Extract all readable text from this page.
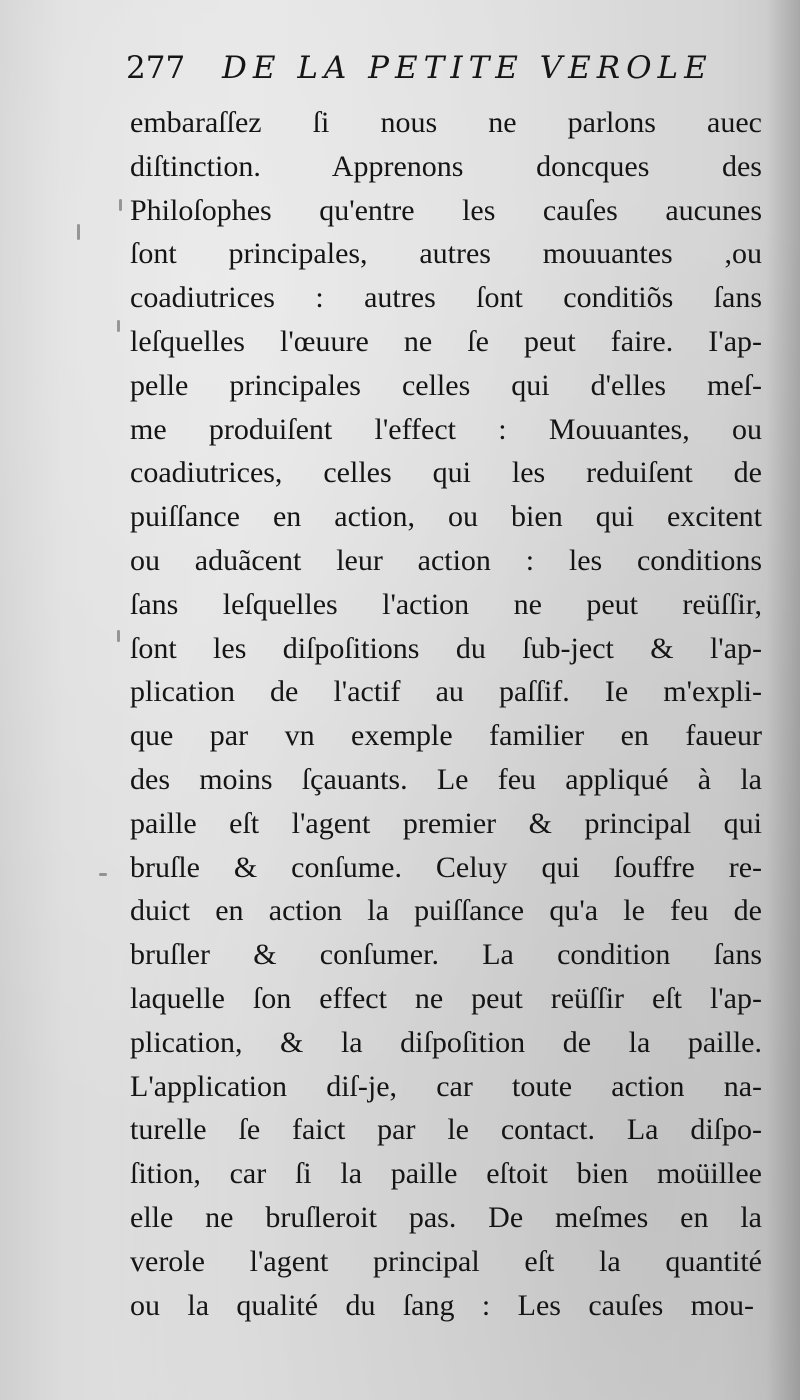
277 DE LA PETITE VEROLE
embaraſſez ſi nous ne parlons auec
diſtinction. Apprenons doncques des
Philoſophes qu'entre les cauſes aucunes
ſont principales, autres mouuantes ,ou
coadiutrices : autres ſont conditiõs ſans
leſquelles l'œuure ne ſe peut faire. I'ap-
pelle principales celles qui d'elles meſ-
me produiſent l'effect : Mouuantes, ou
coadiutrices, celles qui les reduiſent de
puiſſance en action, ou bien qui excitent
ou aduãcent leur action : les conditions
ſans leſquelles l'action ne peut reüſſir,
ſont les diſpoſitions du ſub-ject & l'ap-
plication de l'actif au paſſif. Ie m'expli-
que par vn exemple familier en faueur
des moins ſçauants. Le feu appliqué à la
paille eſt l'agent premier & principal qui
bruſle & conſume. Celuy qui ſouffre re-
duict en action la puiſſance qu'a le feu de
bruſler & conſumer. La condition ſans
laquelle ſon effect ne peut reüſſir eſt l'ap-
plication, & la diſpoſition de la paille.
L'application diſ-je, car toute action na-
turelle ſe faict par le contact. La diſpo-
ſition, car ſi la paille eſtoit bien moüillee
elle ne bruſleroit pas. De meſmes en la
verole l'agent principal eſt la quantité
ou la qualité du ſang : Les cauſes mou-
